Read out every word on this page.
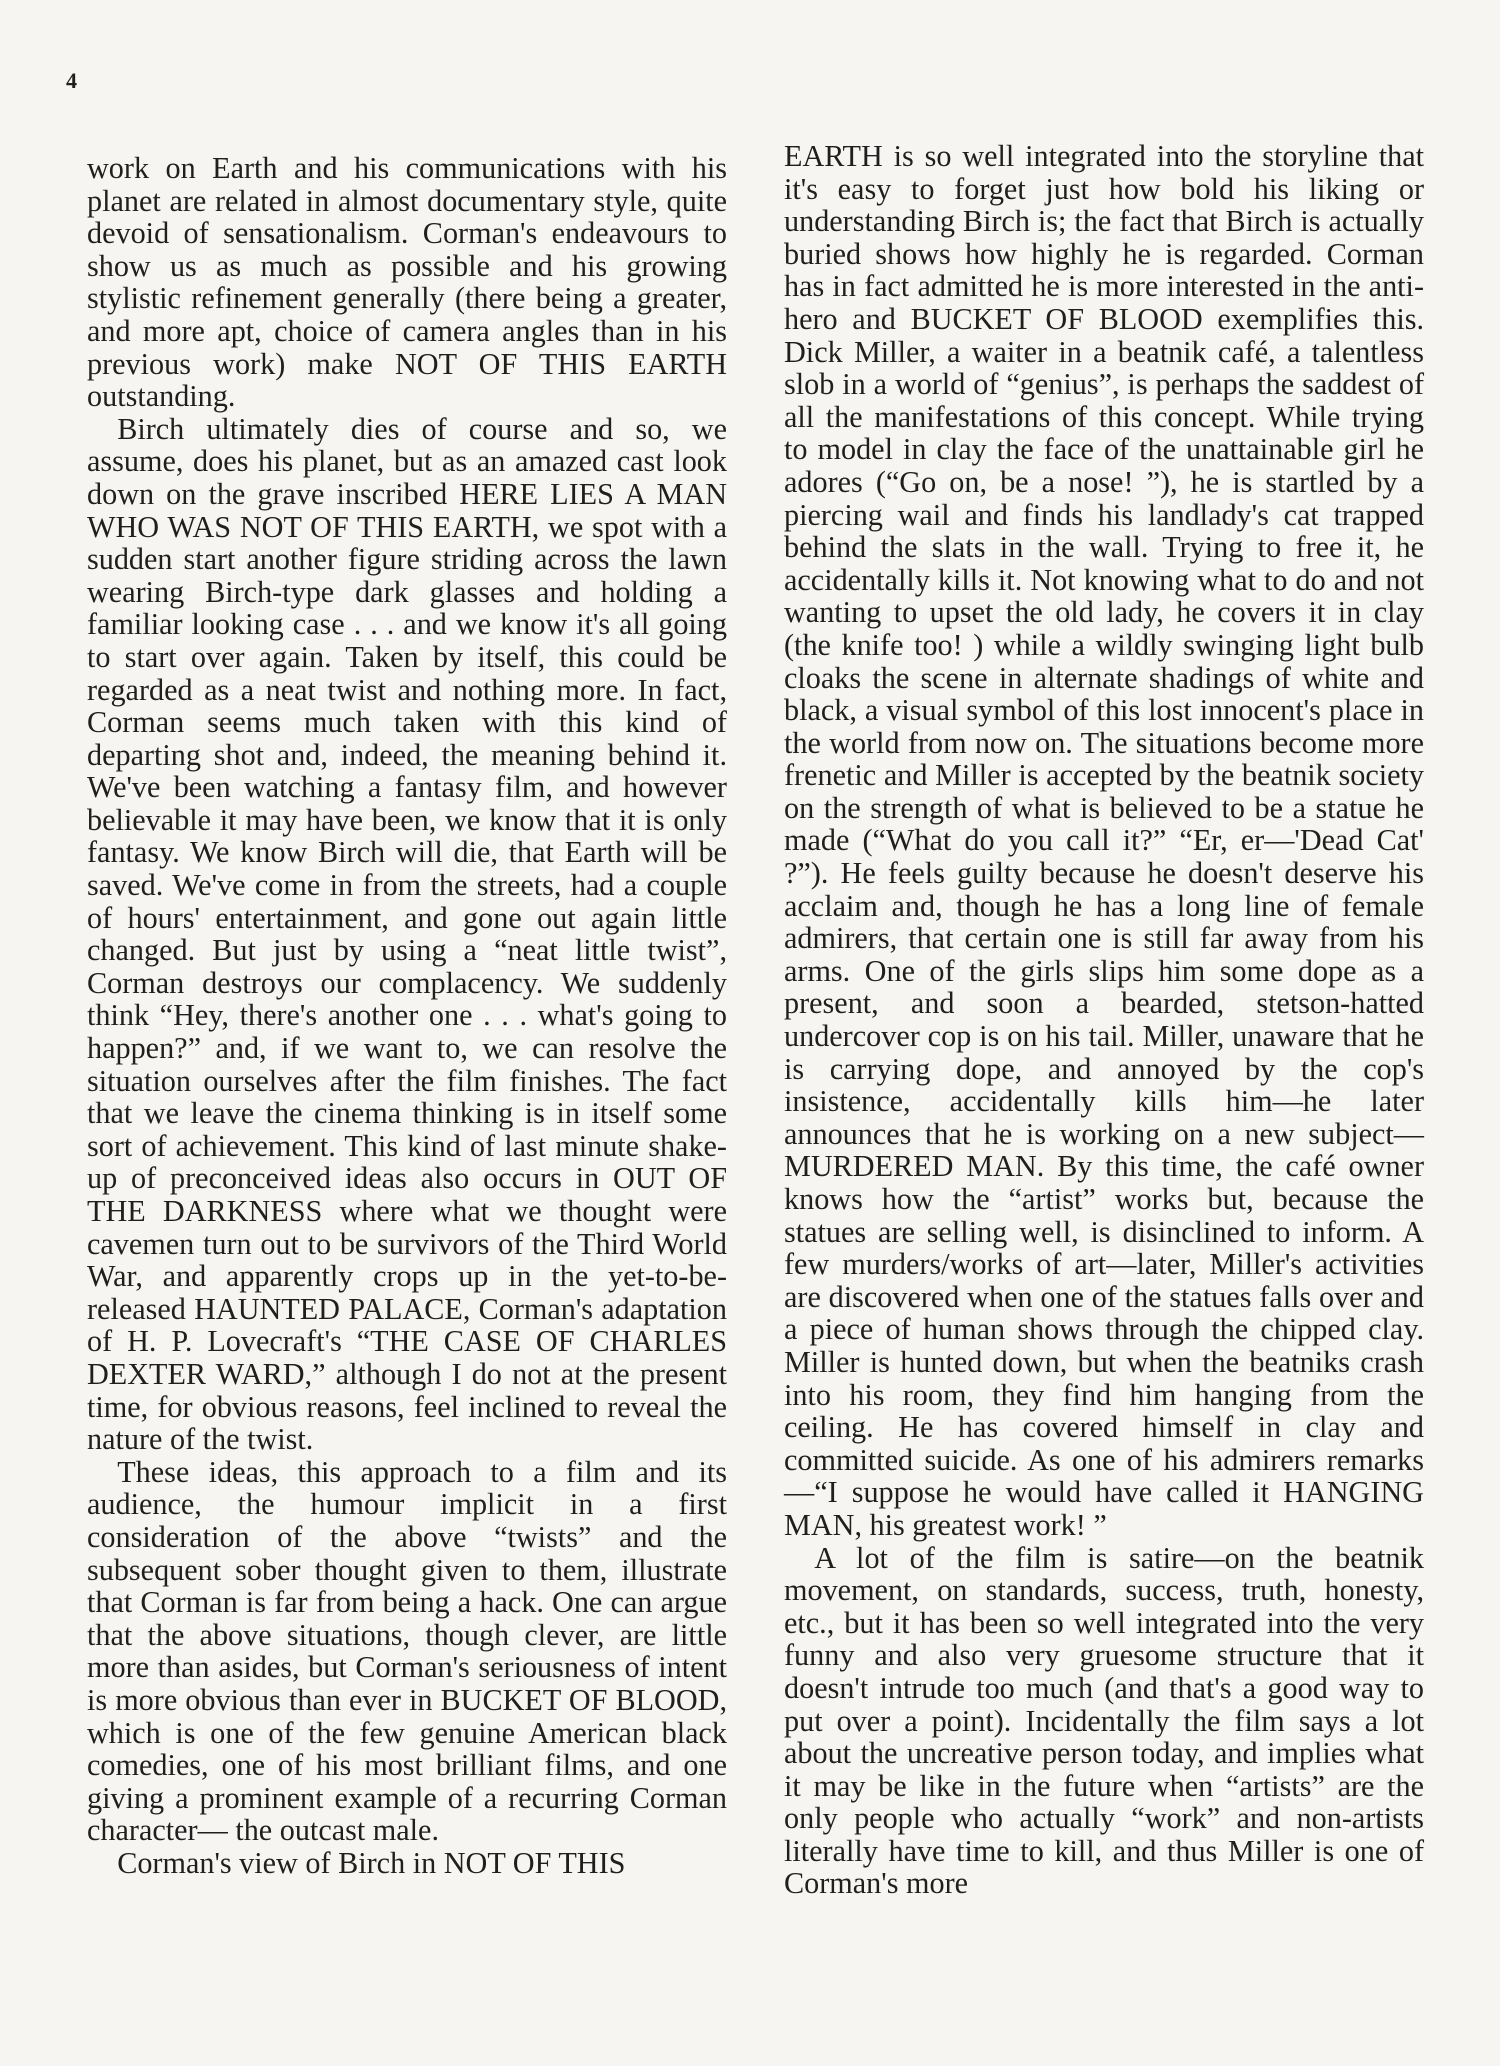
4

work on Earth and his communications with his planet are related in almost documentary style, quite devoid of sensationalism. Corman's endeavours to show us as much as possible and his growing stylistic refinement generally (there being a greater, and more apt, choice of camera angles than in his previous work) make NOT OF THIS EARTH outstanding.

Birch ultimately dies of course and so, we assume, does his planet, but as an amazed cast look down on the grave inscribed HERE LIES A MAN WHO WAS NOT OF THIS EARTH, we spot with a sudden start another figure striding across the lawn wearing Birch-type dark glasses and holding a familiar looking case . . . and we know it's all going to start over again. Taken by itself, this could be regarded as a neat twist and nothing more. In fact, Corman seems much taken with this kind of departing shot and, indeed, the meaning behind it. We've been watching a fantasy film, and however believable it may have been, we know that it is only fantasy. We know Birch will die, that Earth will be saved. We've come in from the streets, had a couple of hours' entertainment, and gone out again little changed. But just by using a “neat little twist”, Corman destroys our complacency. We suddenly think “Hey, there's another one . . . what's going to happen?” and, if we want to, we can resolve the situation ourselves after the film finishes. The fact that we leave the cinema thinking is in itself some sort of achievement. This kind of last minute shake-up of preconceived ideas also occurs in OUT OF THE DARKNESS where what we thought were cavemen turn out to be survivors of the Third World War, and apparently crops up in the yet-to-be-released HAUNTED PALACE, Corman's adaptation of H. P. Lovecraft's “THE CASE OF CHARLES DEXTER WARD,” although I do not at the present time, for obvious reasons, feel inclined to reveal the nature of the twist.

These ideas, this approach to a film and its audience, the humour implicit in a first consideration of the above “twists” and the subsequent sober thought given to them, illustrate that Corman is far from being a hack. One can argue that the above situations, though clever, are little more than asides, but Corman's seriousness of intent is more obvious than ever in BUCKET OF BLOOD, which is one of the few genuine American black comedies, one of his most brilliant films, and one giving a prominent example of a recurring Corman character— the outcast male.

Corman's view of Birch in NOT OF THIS

EARTH is so well integrated into the storyline that it's easy to forget just how bold his liking or understanding Birch is; the fact that Birch is actually buried shows how highly he is regarded. Corman has in fact admitted he is more interested in the anti-hero and BUCKET OF BLOOD exemplifies this. Dick Miller, a waiter in a beatnik café, a talentless slob in a world of “genius”, is perhaps the saddest of all the manifestations of this concept. While trying to model in clay the face of the unattainable girl he adores (“Go on, be a nose! ”), he is startled by a piercing wail and finds his landlady's cat trapped behind the slats in the wall. Trying to free it, he accidentally kills it. Not knowing what to do and not wanting to upset the old lady, he covers it in clay (the knife too! ) while a wildly swinging light bulb cloaks the scene in alternate shadings of white and black, a visual symbol of this lost innocent's place in the world from now on. The situations become more frenetic and Miller is accepted by the beatnik society on the strength of what is believed to be a statue he made (“What do you call it?” “Er, er—'Dead Cat' ?”). He feels guilty because he doesn't deserve his acclaim and, though he has a long line of female admirers, that certain one is still far away from his arms. One of the girls slips him some dope as a present, and soon a bearded, stetson-hatted undercover cop is on his tail. Miller, unaware that he is carrying dope, and annoyed by the cop's insistence, accidentally kills him—he later announces that he is working on a new subject—MURDERED MAN. By this time, the café owner knows how the “artist” works but, because the statues are selling well, is disinclined to inform. A few murders/works of art—later, Miller's activities are discovered when one of the statues falls over and a piece of human shows through the chipped clay. Miller is hunted down, but when the beatniks crash into his room, they find him hanging from the ceiling. He has covered himself in clay and committed suicide. As one of his admirers remarks—“I suppose he would have called it HANGING MAN, his greatest work! ”

A lot of the film is satire—on the beatnik movement, on standards, success, truth, honesty, etc., but it has been so well integrated into the very funny and also very gruesome structure that it doesn't intrude too much (and that's a good way to put over a point). Incidentally the film says a lot about the uncreative person today, and implies what it may be like in the future when “artists” are the only people who actually “work” and non-artists literally have time to kill, and thus Miller is one of Corman's more
